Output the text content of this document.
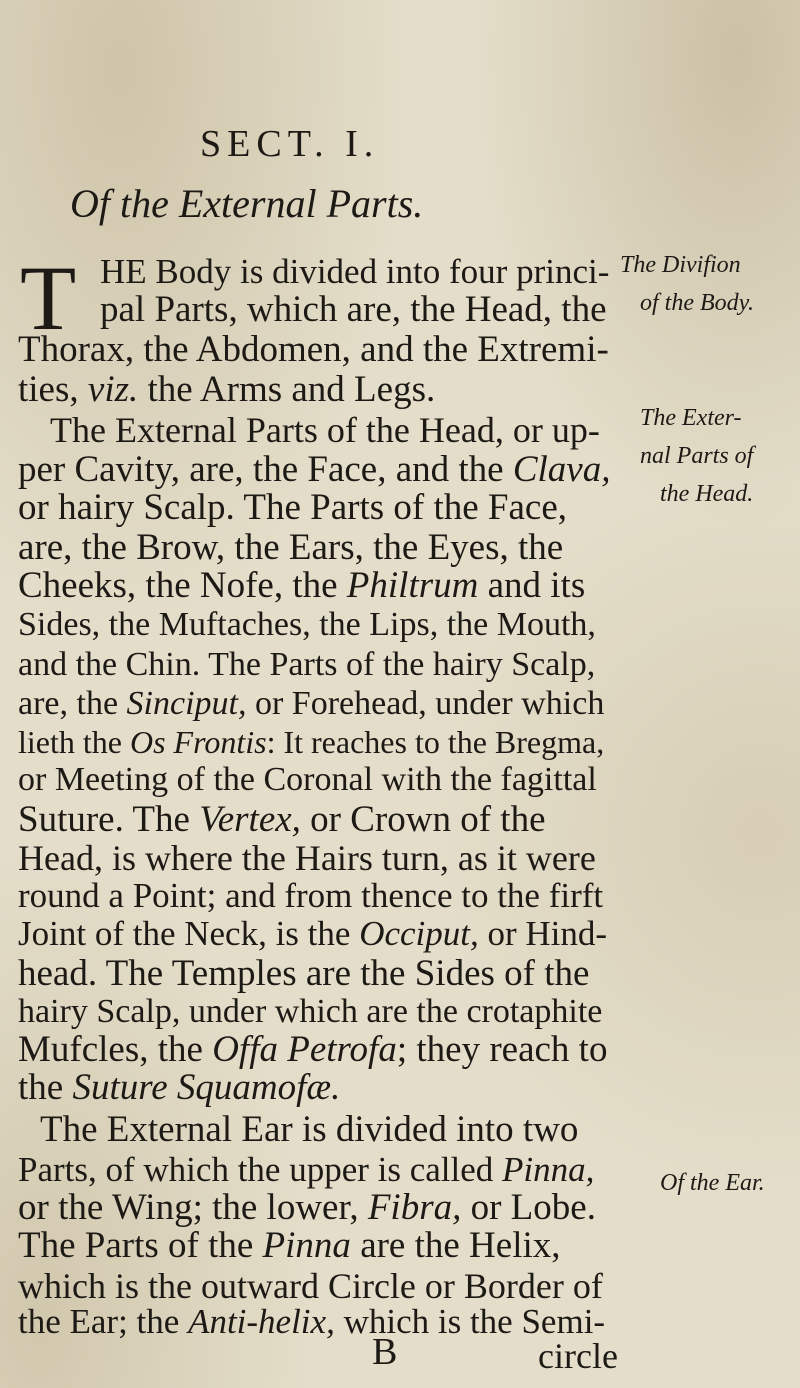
SECT. I.
Of the External Parts.
T HE Body is divided into four princi-
pal Parts, which are, the Head, the
Thorax, the Abdomen, and the Extremi-
ties, viz. the Arms and Legs.
The External Parts of the Head, or up-
per Cavity, are, the Face, and the Clava,
or hairy Scalp. The Parts of the Face,
are, the Brow, the Ears, the Eyes, the
Cheeks, the Nofe, the Philtrum and its
Sides, the Muftaches, the Lips, the Mouth,
and the Chin. The Parts of the hairy Scalp,
are, the Sinciput, or Forehead, under which
lieth the Os Frontis: It reaches to the Bregma,
or Meeting of the Coronal with the fagittal
Suture. The Vertex, or Crown of the
Head, is where the Hairs turn, as it were
round a Point; and from thence to the firft
Joint of the Neck, is the Occiput, or Hind-
head. The Temples are the Sides of the
hairy Scalp, under which are the crotaphite
Mufcles, the Offa Petrofa; they reach to
the Suture Squamofæ.
The External Ear is divided into two
Parts, of which the upper is called Pinna,
or the Wing; the lower, Fibra, or Lobe.
The Parts of the Pinna are the Helix,
which is the outward Circle or Border of
the Ear; the Anti-helix, which is the Semi-
The Divifion
of the Body.
The Exter-
nal Parts of
the Head.
Of the Ear.
B	circle
